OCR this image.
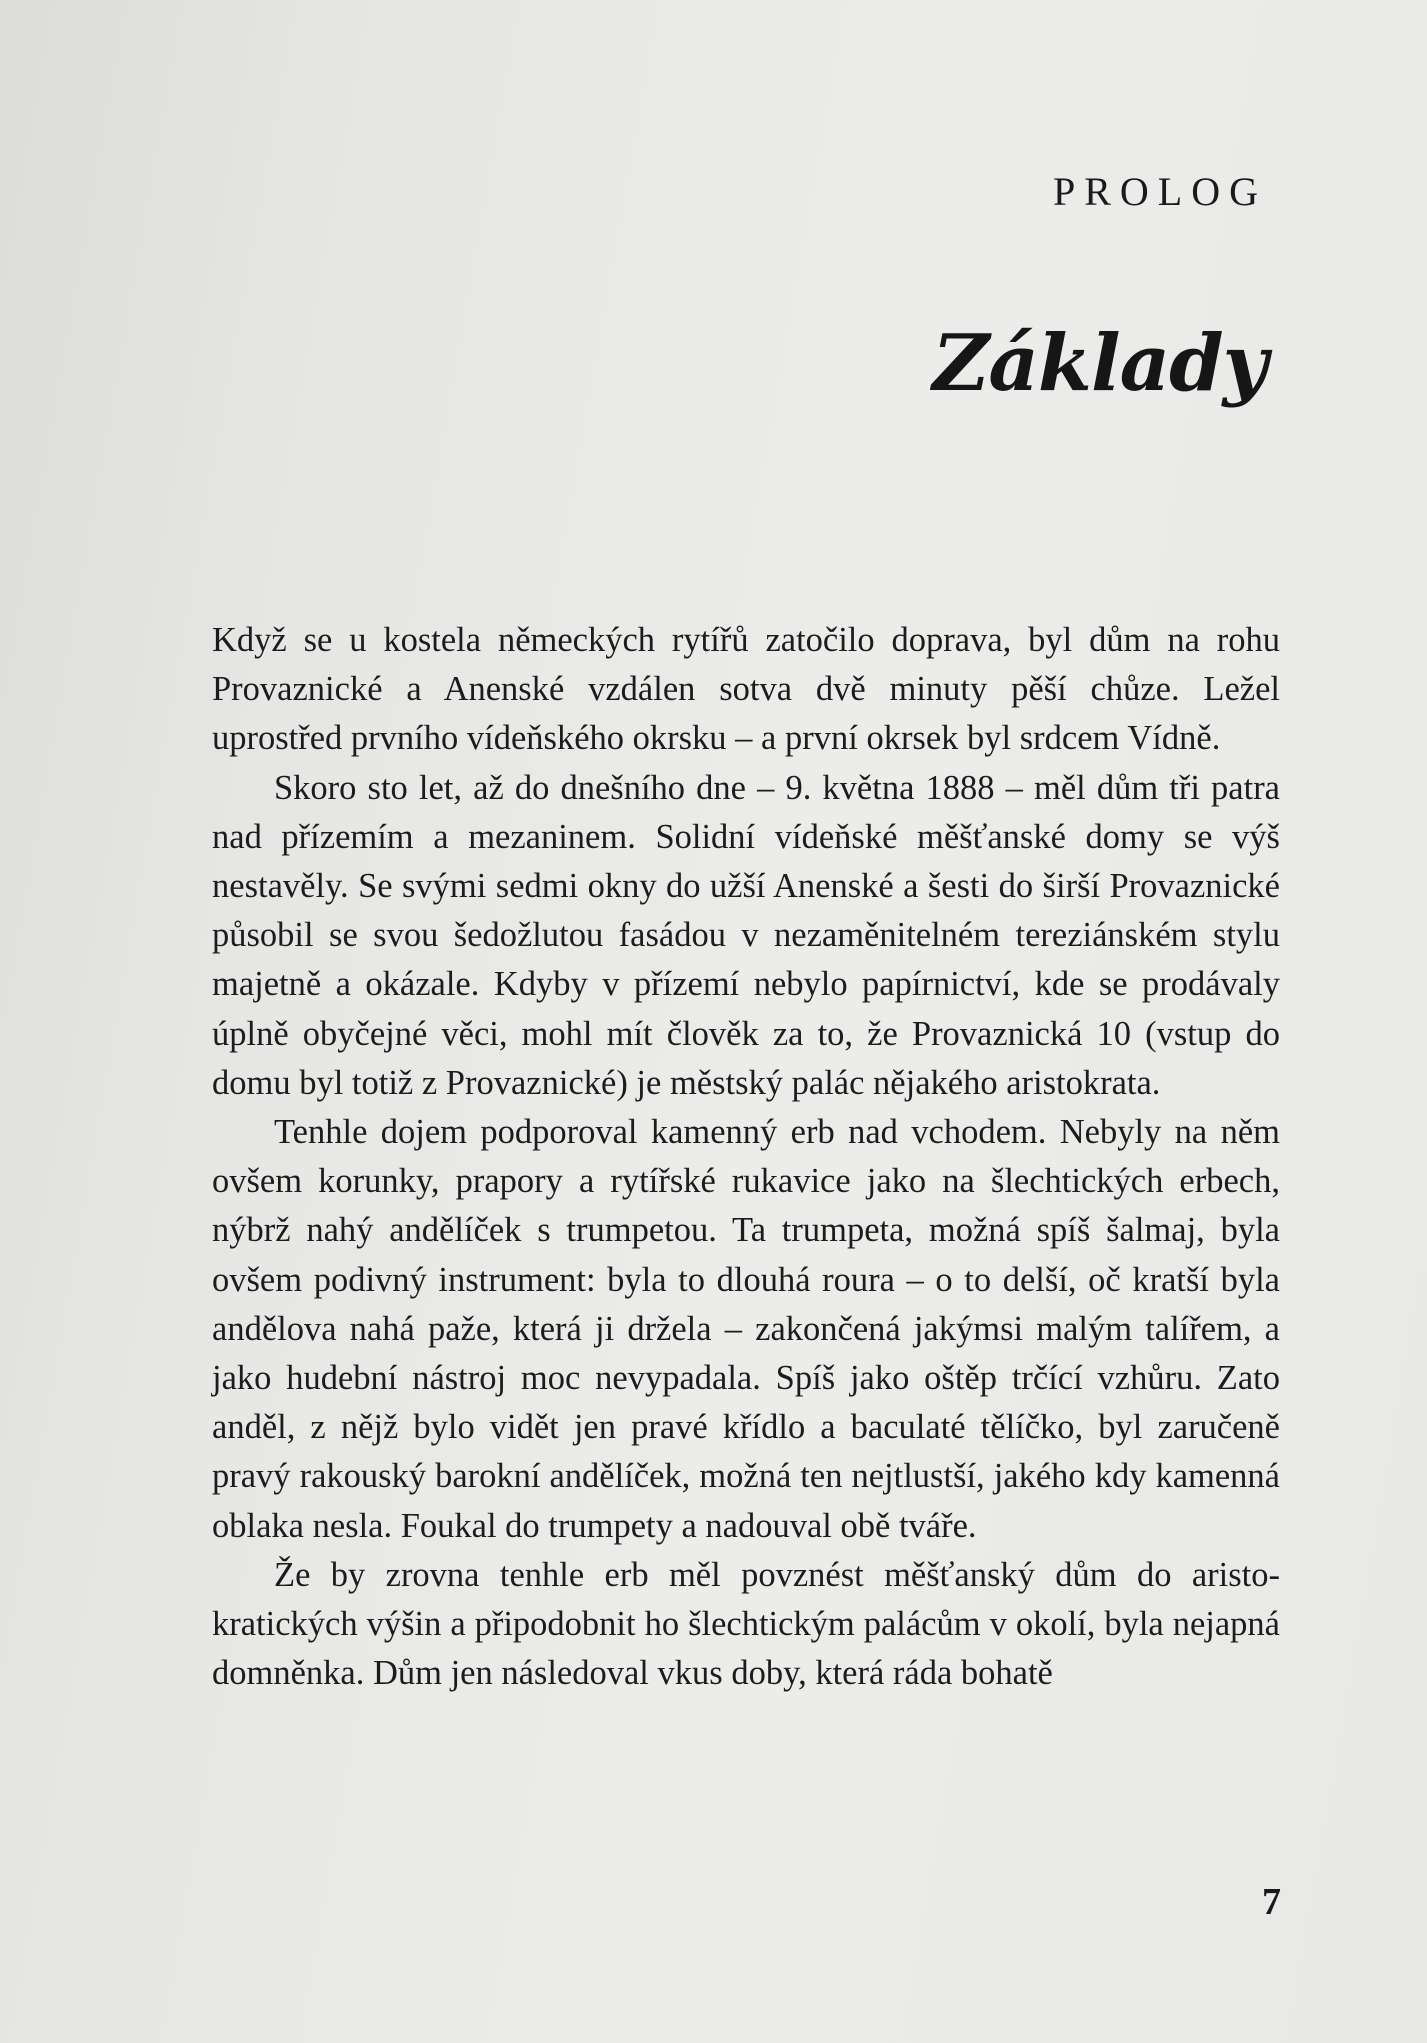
PROLOG
Základy

Když se u kostela německých rytířů zatočilo doprava, byl dům na rohu Provaznické a Anenské vzdálen sotva dvě minuty pěší chůze. Ležel uprostřed prvního vídeňského okrsku – a první okrsek byl srdcem Vídně.

Skoro sto let, až do dnešního dne – 9. května 1888 – měl dům tři patra nad přízemím a mezaninem. Solidní vídeňské měšťanské domy se výš nestavěly. Se svými sedmi okny do užší Anenské a šesti do širší Provaznické působil se svou šedožlutou fasádou v nezaměnitelném tereziánském stylu majetně a okázale. Kdyby v přízemí nebylo papírnictví, kde se prodávaly úplně obyčejné věci, mohl mít člověk za to, že Provaznická 10 (vstup do domu byl totiž z Provaznické) je městský palác nějakého aristokrata.

Tenhle dojem podporoval kamenný erb nad vchodem. Nebyly na něm ovšem korunky, prapory a rytířské rukavice jako na šlechtických erbech, nýbrž nahý andělíček s trumpetou. Ta trumpeta, možná spíš šalmaj, byla ovšem podivný instrument: byla to dlouhá roura – o to delší, oč kratší byla andělova nahá paže, která ji držela – zakončená jakýmsi malým talířem, a jako hudební nástroj moc nevypadala. Spíš jako oštěp trčící vzhůru. Zato anděl, z nějž bylo vidět jen pravé křídlo a baculaté tělíčko, byl zaručeně pravý rakouský barokní andělíček, možná ten nejtlustší, jakého kdy kamenná oblaka nesla. Foukal do trumpety a nadouval obě tváře.

Že by zrovna tenhle erb měl povznést měšťanský dům do aristokratických výšin a připodobnit ho šlechtickým palácům v okolí, byla nejapná domněnka. Dům jen následoval vkus doby, která ráda bohatě

7
